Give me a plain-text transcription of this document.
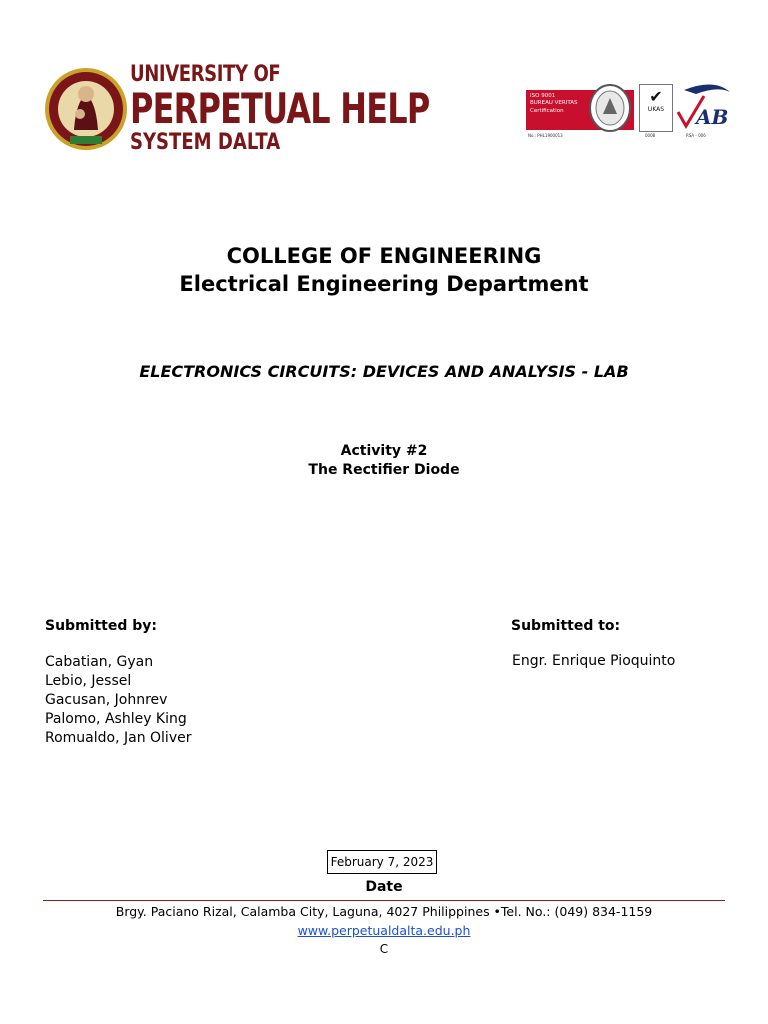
UNIVERSITY OF
PERPETUAL HELP
SYSTEM DALTA
ISO 9001
BUREAU VERITAS
Certification
No.: PHL1900013
✔
UKAS
0008
AB
RSA - 006
COLLEGE OF ENGINEERING
Electrical Engineering Department
ELECTRONICS CIRCUITS: DEVICES AND ANALYSIS - LAB
Activity #2
The Rectifier Diode
Submitted by:	Submitted to:
Cabatian, Gyan
Lebio, Jessel
Gacusan, Johnrev
Palomo, Ashley King
Romualdo, Jan Oliver
Engr. Enrique Pioquinto
February 7, 2023
Date
Brgy. Paciano Rizal, Calamba City, Laguna, 4027 Philippines •Tel. No.: (049) 834-1159
www.perpetualdalta.edu.ph
C
